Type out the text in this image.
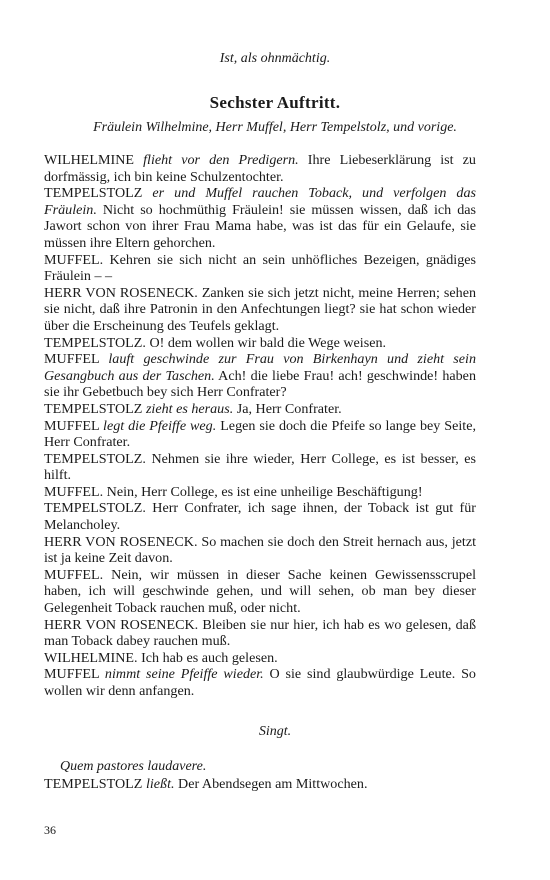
Ist, als ohnmächtig.
Sechster Auftritt.
Fräulein Wilhelmine, Herr Muffel, Herr Tempelstolz, und vorige.

WILHELMINE flieht vor den Predigern. Ihre Liebeserklärung ist zu dorfmässig, ich bin keine Schulzentochter.

TEMPELSTOLZ er und Muffel rauchen Toback, und verfolgen das Fräulein. Nicht so hochmüthig Fräulein! sie müssen wissen, daß ich das Jawort schon von ihrer Frau Mama habe, was ist das für ein Gelaufe, sie müssen ihre Eltern gehorchen.

MUFFEL. Kehren sie sich nicht an sein unhöfliches Bezeigen, gnädiges Fräulein – –

HERR VON ROSENECK. Zanken sie sich jetzt nicht, meine Herren; sehen sie nicht, daß ihre Patronin in den Anfechtungen liegt? sie hat schon wieder über die Erscheinung des Teufels geklagt.

TEMPELSTOLZ. O! dem wollen wir bald die Wege weisen.

MUFFEL lauft geschwinde zur Frau von Birkenhayn und zieht sein Gesangbuch aus der Taschen. Ach! die liebe Frau! ach! geschwinde! haben sie ihr Gebetbuch bey sich Herr Confrater?

TEMPELSTOLZ zieht es heraus. Ja, Herr Confrater.

MUFFEL legt die Pfeiffe weg. Legen sie doch die Pfeife so lange bey Seite, Herr Confrater.

TEMPELSTOLZ. Nehmen sie ihre wieder, Herr College, es ist besser, es hilft.

MUFFEL. Nein, Herr College, es ist eine unheilige Beschäftigung!

TEMPELSTOLZ. Herr Confrater, ich sage ihnen, der Toback ist gut für Melancholey.

HERR VON ROSENECK. So machen sie doch den Streit hernach aus, jetzt ist ja keine Zeit davon.

MUFFEL. Nein, wir müssen in dieser Sache keinen Gewissensscrupel haben, ich will geschwinde gehen, und will sehen, ob man bey dieser Gelegenheit Toback rauchen muß, oder nicht.

HERR VON ROSENECK. Bleiben sie nur hier, ich hab es wo gelesen, daß man Toback dabey rauchen muß.

WILHELMINE. Ich hab es auch gelesen.

MUFFEL nimmt seine Pfeiffe wieder. O sie sind glaubwürdige Leute. So wollen wir denn anfangen.

Singt.
Quem pastores laudavere.
TEMPELSTOLZ ließt. Der Abendsegen am Mittwochen.
36
